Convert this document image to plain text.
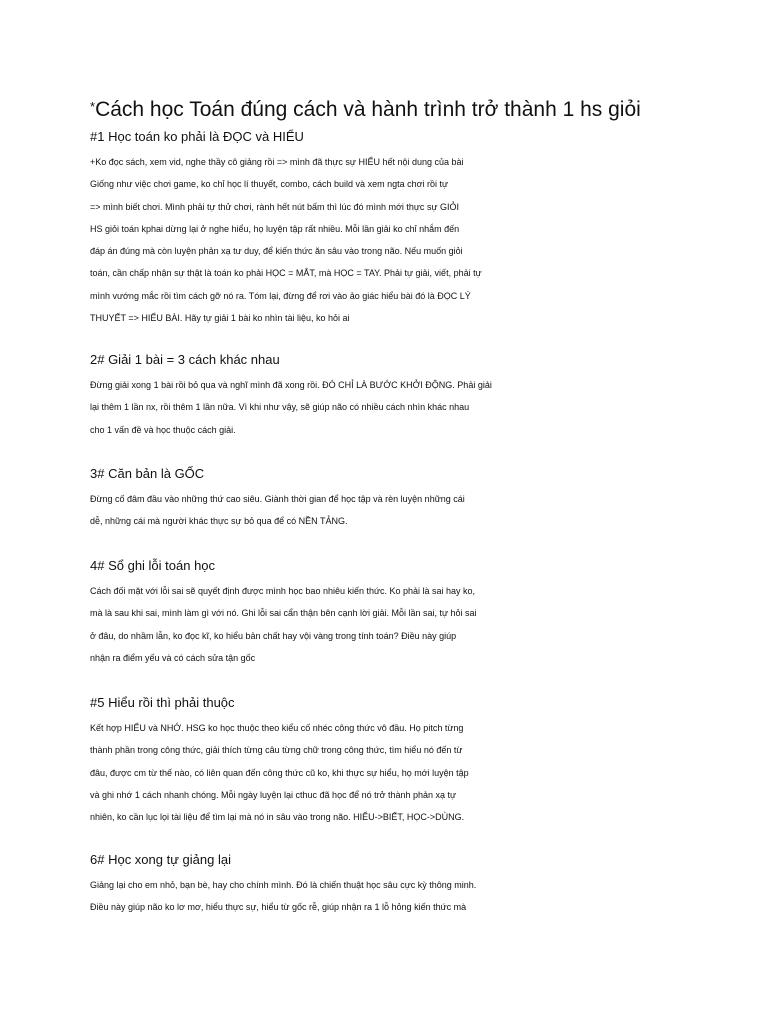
*Cách học Toán đúng cách và hành trình trở thành 1 hs giỏi
#1 Học toán ko phải là ĐỌC và HIỂU
+Ko đọc sách, xem vid, nghe thầy cô giảng rồi => mình đã thực sự HIỂU hết nội dung của bài
Giống như việc chơi game, ko chỉ học lí thuyết, combo, cách build và xem ngta chơi rồi tự
=> mình biết chơi. Mình phải tự thử chơi, rành hết nút bấm thì lúc đó mình mới thực sự GIỎI
HS giỏi toán kphai dừng lại ở nghe hiểu, họ luyện tập rất nhiều. Mỗi lần giải ko chỉ nhắm đến
đáp án đúng mà còn luyện phản xạ tư duy, để kiến thức ăn sâu vào trong não. Nếu muốn giỏi
toán, cần chấp nhận sự thật là toán ko phải HỌC = MẮT, mà HỌC = TAY. Phải tự giải, viết, phải tự
mình vướng mắc rồi tìm cách gỡ nó ra. Tóm lại, đừng để rơi vào ảo giác hiểu bài đó là ĐỌC LÝ
THUYẾT => HIỂU BÀI. Hãy tự giải 1 bài ko nhìn tài liệu, ko hỏi ai
2# Giải 1 bài = 3 cách khác nhau
Đừng giải xong 1 bài rồi bỏ qua và nghĩ mình đã xong rồi. ĐÓ CHỈ LÀ BƯỚC KHỞI ĐỘNG. Phải giải
lại thêm 1 lần nx, rồi thêm 1 lần nữa. Vì khi như vậy, sẽ giúp não có nhiều cách nhìn khác nhau
cho 1 vấn đề và học thuộc cách giải.
3# Căn bản là GỐC
Đừng cố đâm đầu vào những thứ cao siêu. Giành thời gian để học tập và rèn luyện những cái
dễ, những cái mà người khác thực sự bỏ qua để có NỀN TẢNG.
4# Sổ ghi lỗi toán học
Cách đối mặt với lỗi sai sẽ quyết định được mình học bao nhiêu kiến thức. Ko phải là sai hay ko,
mà là sau khi sai, mình làm gì với nó. Ghi lỗi sai cẩn thận bên cạnh lời giải. Mỗi lần sai, tự hỏi sai
ở đâu, do nhầm lẫn, ko đọc kĩ, ko hiểu bản chất hay vội vàng trong tính toán? Điều này giúp
nhận ra điểm yếu và có cách sửa tận gốc
#5 Hiểu rồi thì phải thuộc
Kết hợp HIỂU và NHỚ. HSG ko học thuộc theo kiểu cố nhéc công thức vô đầu. Họ pitch từng
thành phần trong công thức, giải thích từng câu từng chữ trong công thức, tìm hiểu nó đến từ
đâu, được cm từ thế nào, có liên quan đến công thức cũ ko, khi thực sự hiểu, họ mới luyện tập
và ghi nhớ 1 cách nhanh chóng. Mỗi ngày luyện lại cthuc đã học để nó trở thành phản xạ tự
nhiên, ko cần lục lọi tài liệu để tìm lại mà nó in sâu vào trong não. HIỂU->BIẾT, HỌC->DÙNG.
6# Học xong tự giảng lại
Giảng lại cho em nhỏ, bạn bè, hay cho chính mình. Đó là chiến thuật học sâu cực kỳ thông minh.
Điều này giúp não ko lơ mơ, hiểu thực sự, hiểu từ gốc rễ, giúp nhận ra 1 lỗ hỏng kiến thức mà
